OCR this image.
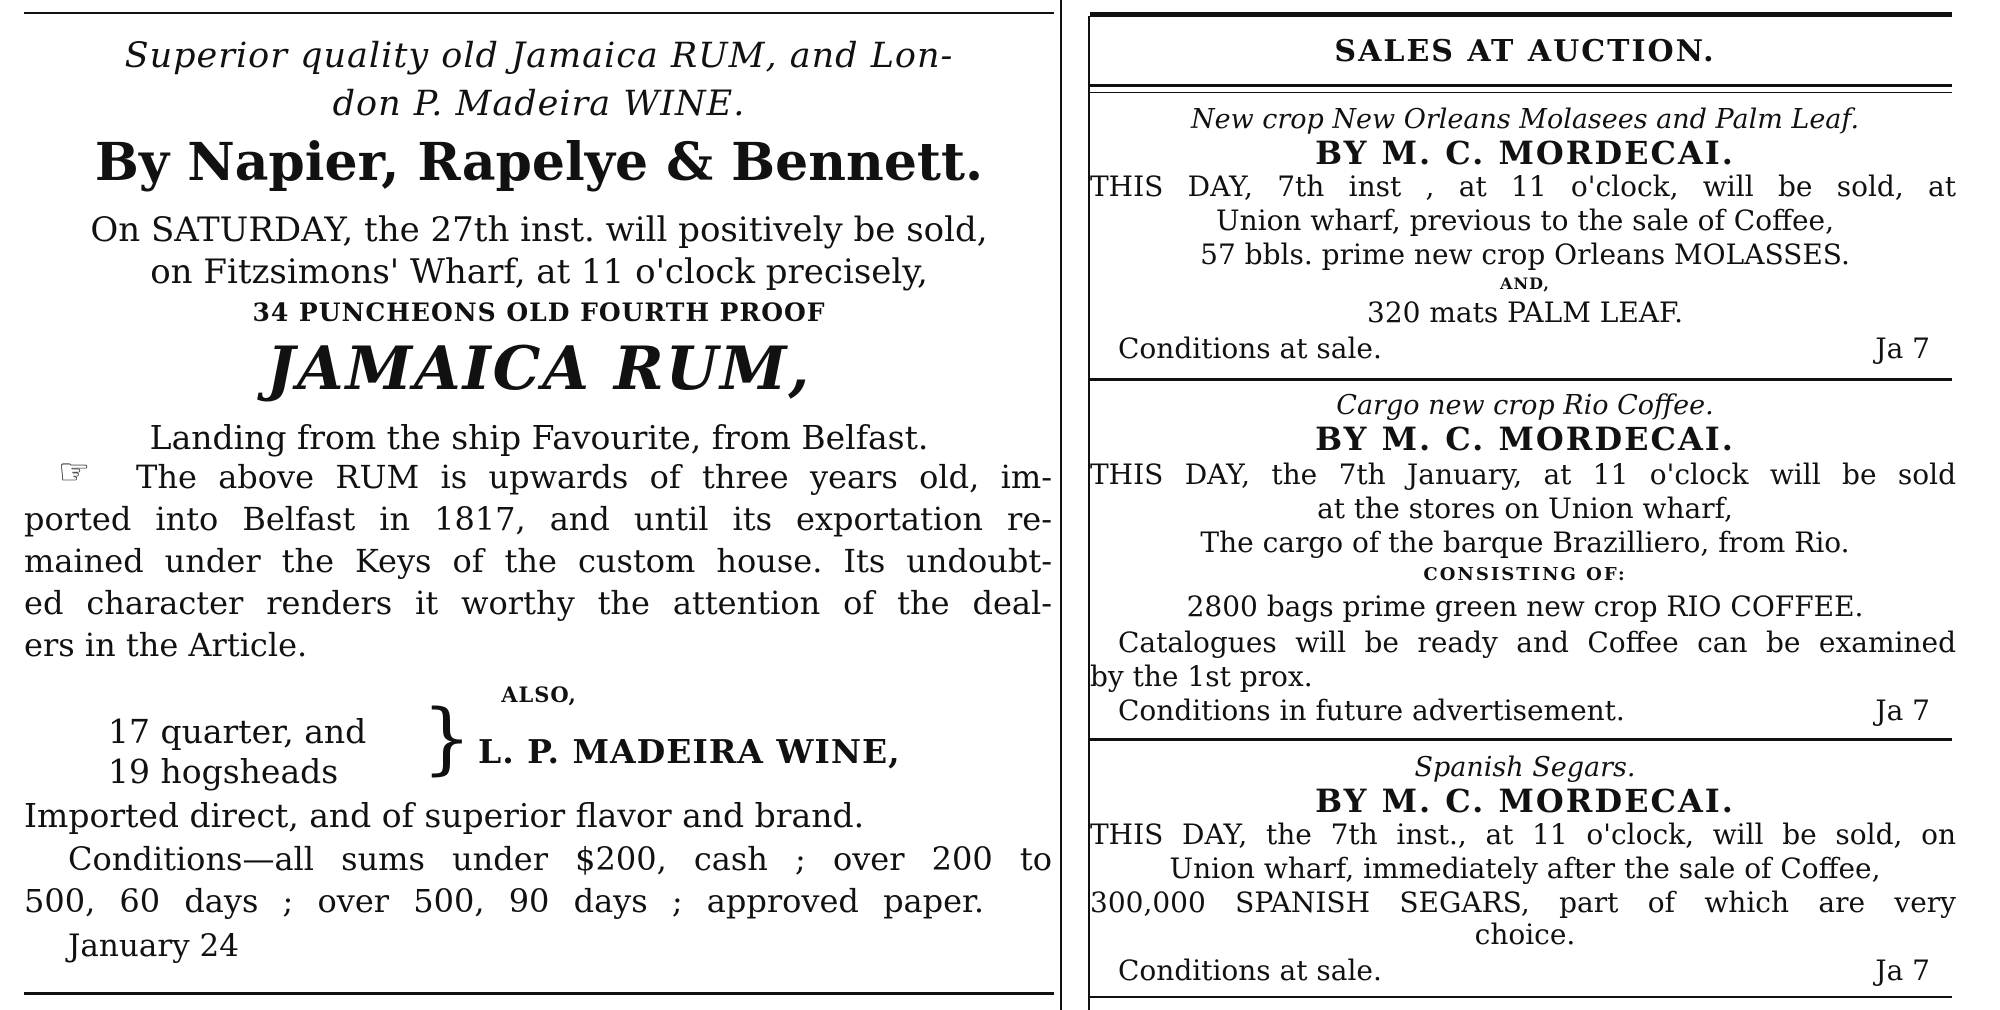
Superior quality old Jamaica RUM, and Lon-
don P. Madeira WINE.
By Napier, Rapelye & Bennett.
On SATURDAY, the 27th inst. will positively be sold,
on Fitzsimons' Wharf, at 11 o'clock precisely,
34 PUNCHEONS OLD FOURTH PROOF
JAMAICA RUM,
Landing from the ship Favourite, from Belfast.
☞ The above RUM is upwards of three years old, im-
ported into Belfast in 1817, and until its exportation re-
mained under the Keys of the custom house. Its undoubt-
ed character renders it worthy the attention of the deal-
ers in the Article.
ALSO,
17 quarter, and
19 hogsheads } L. P. MADEIRA WINE,
Imported direct, and of superior flavor and brand.
Conditions—all sums under $200, cash ; over 200 to
500, 60 days ; over 500, 90 days ; approved paper.
January 24
SALES AT AUCTION.
New crop New Orleans Molasees and Palm Leaf.
BY M. C. MORDECAI.
THIS DAY, 7th inst , at 11 o'clock, will be sold, at
Union wharf, previous to the sale of Coffee,
57 bbls. prime new crop Orleans MOLASSES.
AND,
320 mats PALM LEAF.
Conditions at sale.	Ja 7
Cargo new crop Rio Coffee.
BY M. C. MORDECAI.
THIS DAY, the 7th January, at 11 o'clock will be sold
at the stores on Union wharf,
The cargo of the barque Brazilliero, from Rio.
CONSISTING OF:
2800 bags prime green new crop RIO COFFEE.
Catalogues will be ready and Coffee can be examined
by the 1st prox.
Conditions in future advertisement.	Ja 7
Spanish Segars.
BY M. C. MORDECAI.
THIS DAY, the 7th inst., at 11 o'clock, will be sold, on
Union wharf, immediately after the sale of Coffee,
300,000 SPANISH SEGARS, part of which are very
choice.
Conditions at sale.	Ja 7
